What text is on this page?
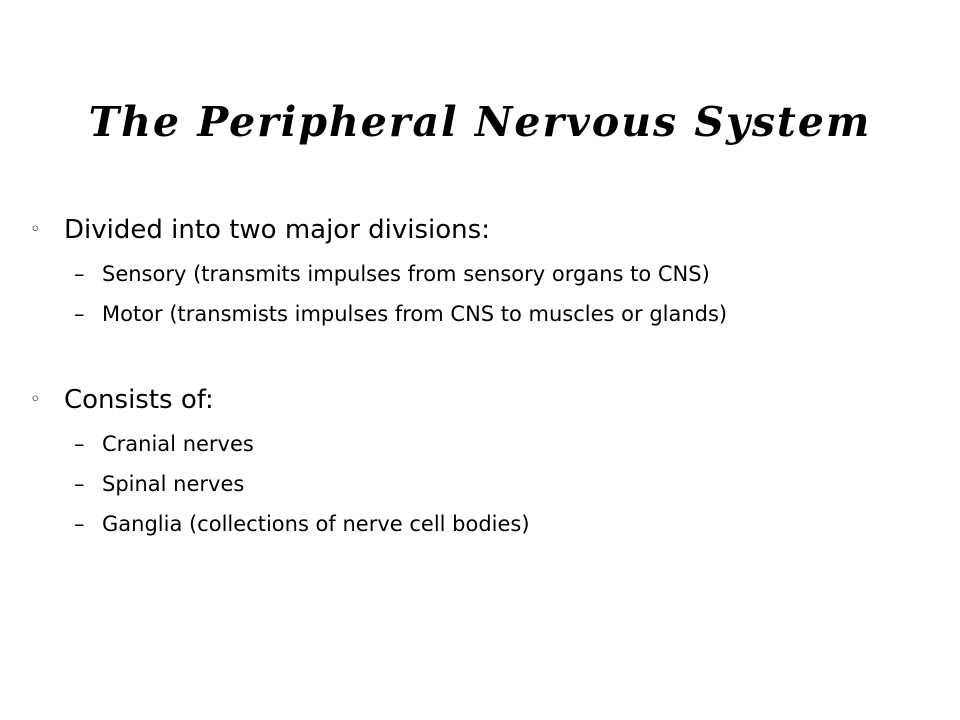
The Peripheral Nervous System
◦ Divided into two major divisions:
– Sensory (transmits impulses from sensory organs to CNS)
– Motor (transmists impulses from CNS to muscles or glands)
◦ Consists of:
– Cranial nerves
– Spinal nerves
– Ganglia (collections of nerve cell bodies)
